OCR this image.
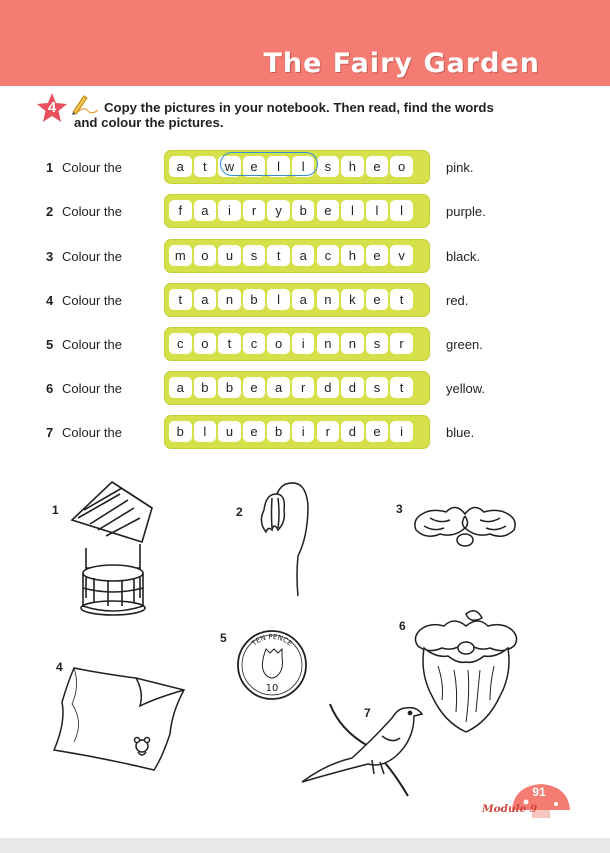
The Fairy Garden
4	Copy the pictures in your notebook. Then read, find the words
and colour the pictures.
1 Colour the	a	t	w	e	l	l	s	h	e	o	pink.
2 Colour the	f	a	i	r	y	b	e	l	l	l	purple.
3 Colour the	m	o	u	s	t	a	c	h	e	v	black.
4 Colour the	t	a	n	b	l	a	n	k	e	t	red.
5 Colour the	c	o	t	c	o	i	n	n	s	r	green.
6 Colour the	a	b	b	e	a	r	d	d	s	t	yellow.
7 Colour the	b	l	u	e	b	i	r	d	e	i	blue.
1	2	3
4
5	TEN PENCE
10
6
7
91
Module 9
